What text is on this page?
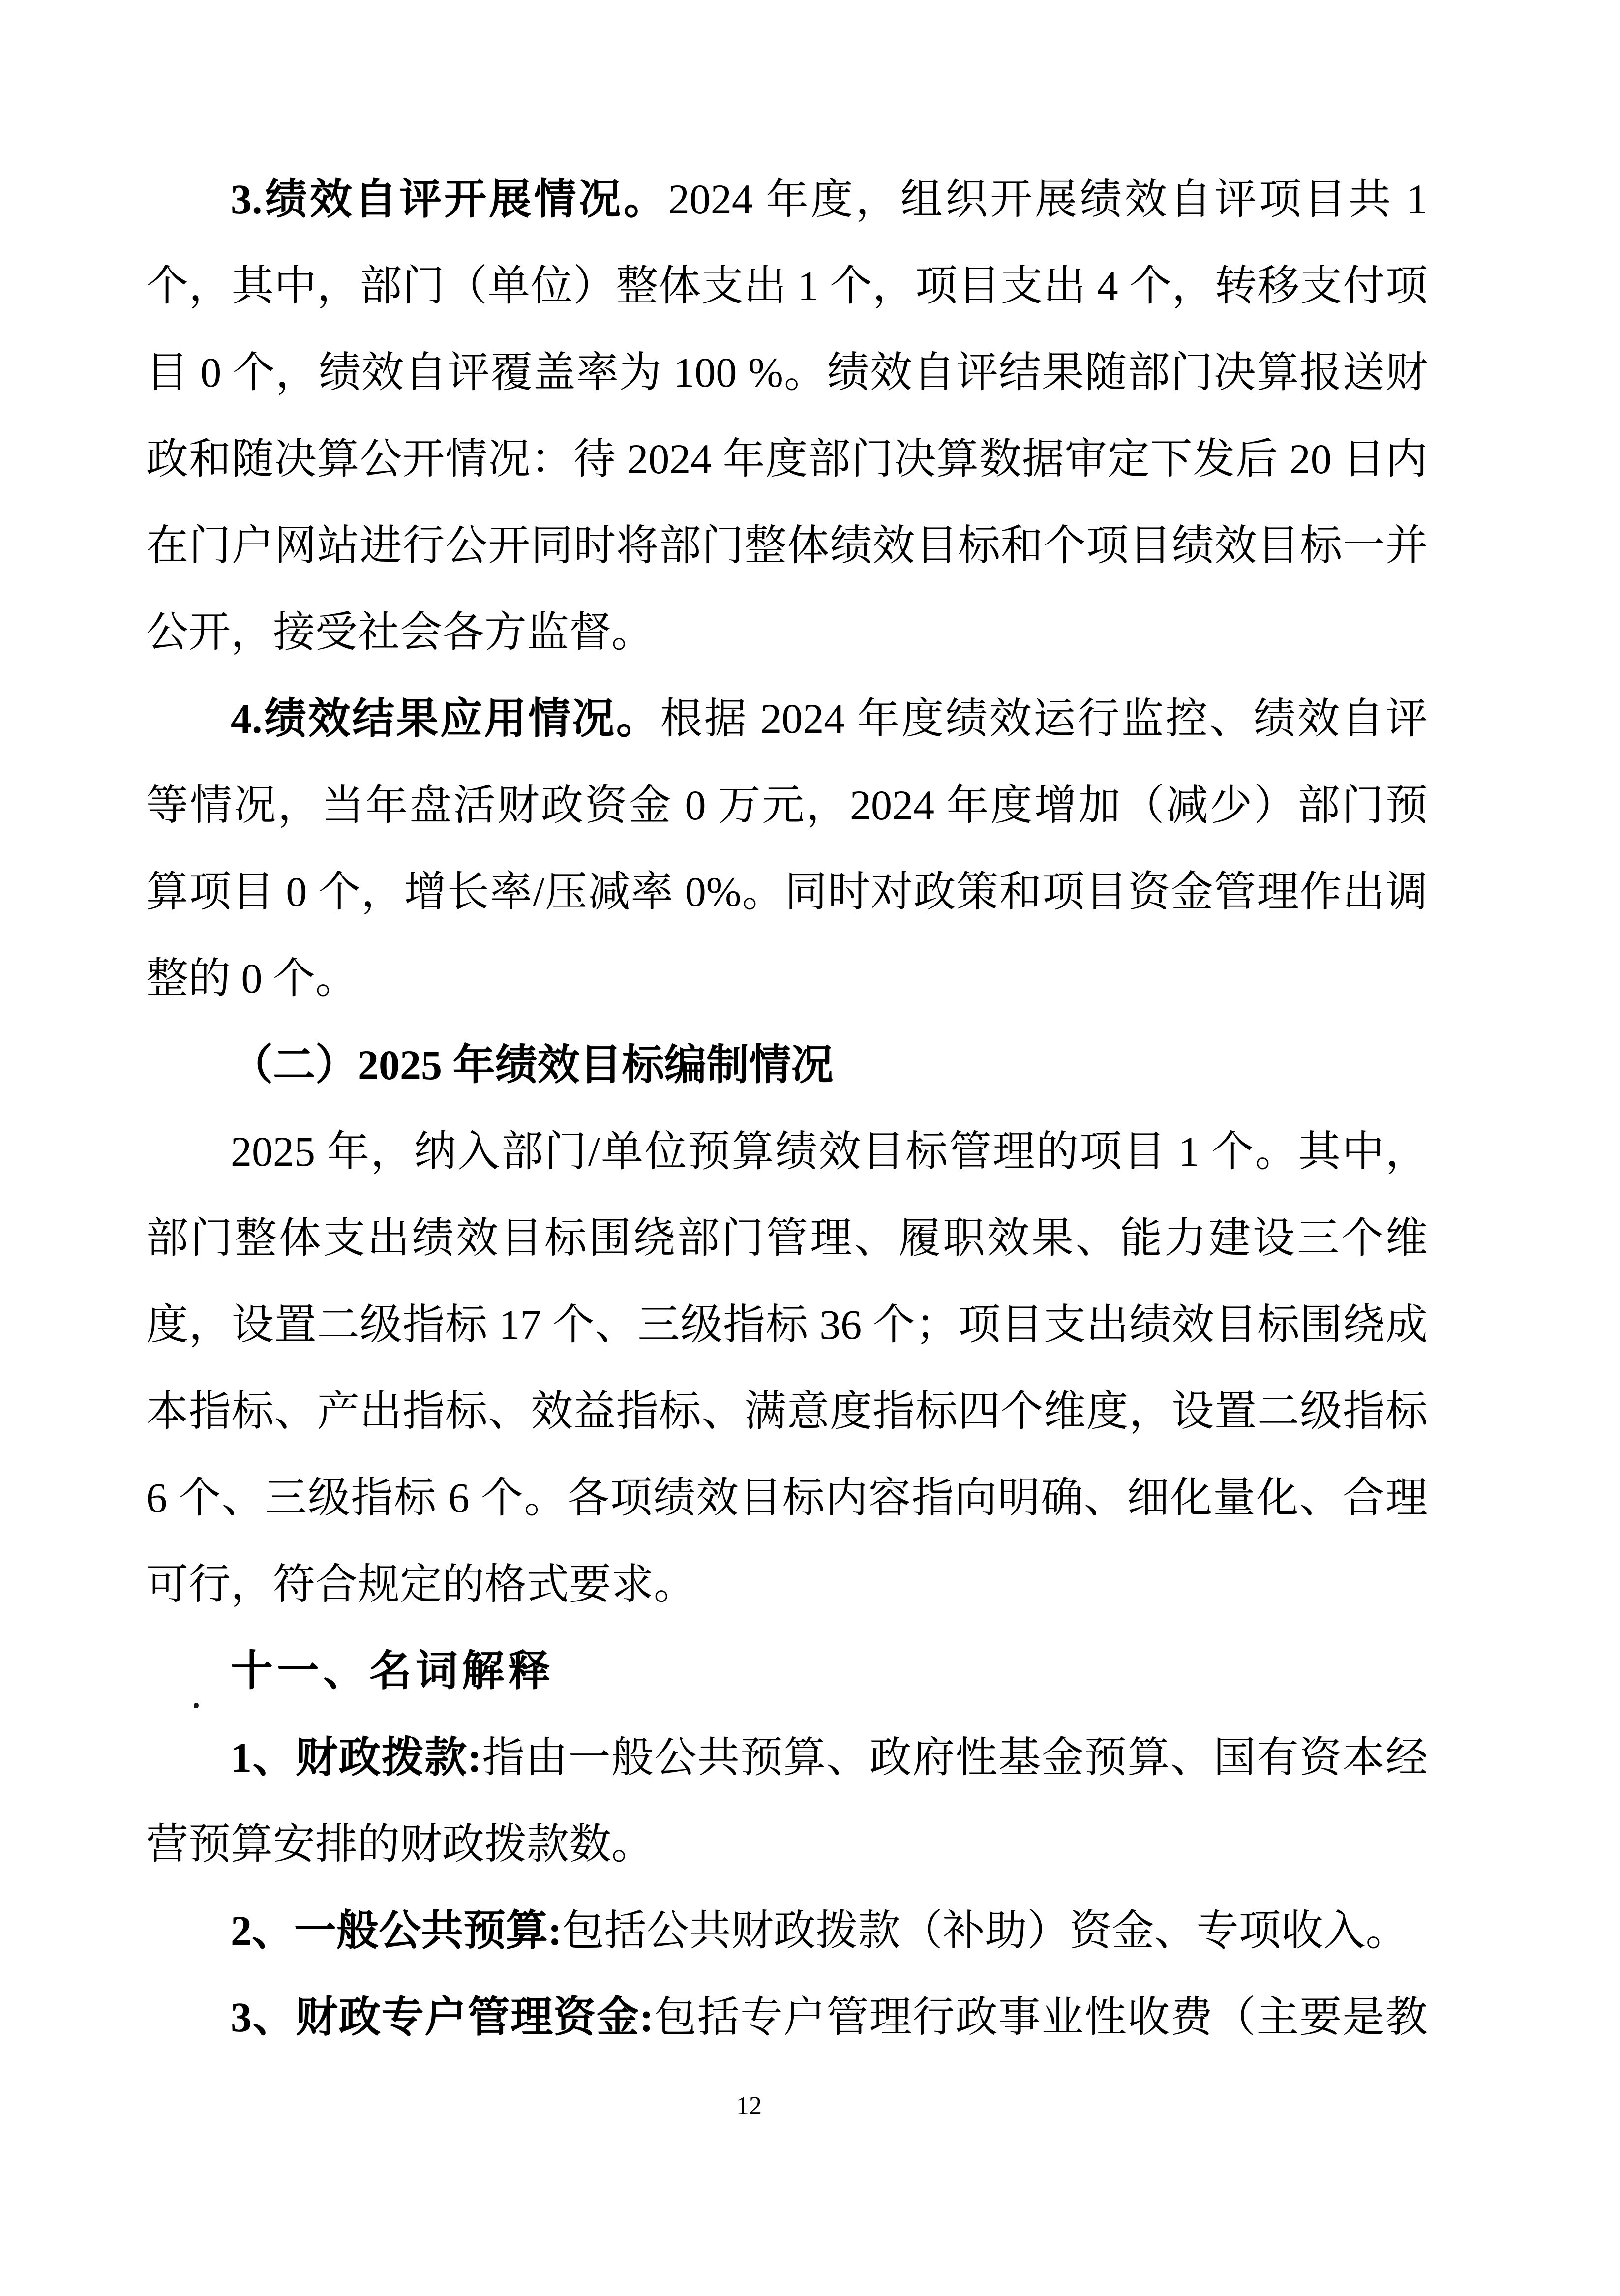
3.绩效自评开展情况。2024 年度，组织开展绩效自评项目共 1
个，其中，部门（单位）整体支出 1 个，项目支出 4 个，转移支付项
目 0 个，绩效自评覆盖率为 100 %。绩效自评结果随部门决算报送财
政和随决算公开情况：待 2024 年度部门决算数据审定下发后 20 日内
在门户网站进行公开同时将部门整体绩效目标和个项目绩效目标一并
公开，接受社会各方监督。
4.绩效结果应用情况。根据 2024 年度绩效运行监控、绩效自评
等情况，当年盘活财政资金 0 万元，2024 年度增加（减少）部门预
算项目 0 个，增长率/压减率 0%。同时对政策和项目资金管理作出调
整的 0 个。
（二）2025 年绩效目标编制情况
2025 年，纳入部门/单位预算绩效目标管理的项目 1 个。其中，
部门整体支出绩效目标围绕部门管理、履职效果、能力建设三个维
度，设置二级指标 17 个、三级指标 36 个；项目支出绩效目标围绕成
本指标、产出指标、效益指标、满意度指标四个维度，设置二级指标
6 个、三级指标 6 个。各项绩效目标内容指向明确、细化量化、合理
可行，符合规定的格式要求。
十一、名词解释
1、财政拨款:指由一般公共预算、政府性基金预算、国有资本经
营预算安排的财政拨款数。
2、一般公共预算:包括公共财政拨款（补助）资金、专项收入。
3、财政专户管理资金:包括专户管理行政事业性收费（主要是教
12
